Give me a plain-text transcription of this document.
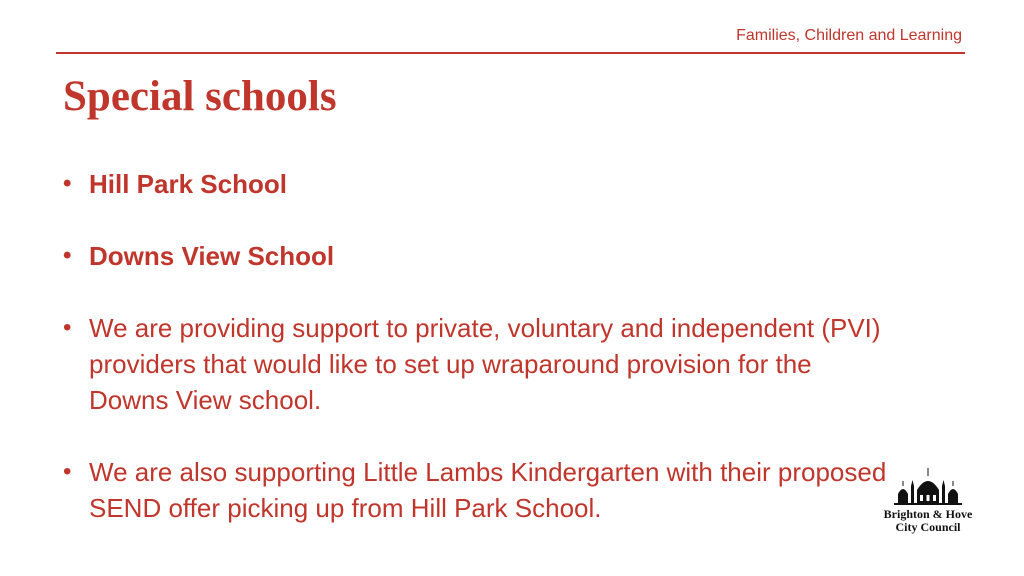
Families, Children and Learning
Special schools
• Hill Park School
• Downs View School
• We are providing support to private, voluntary and independent (PVI) providers that would like to set up wraparound provision for the Downs View school.
• We are also supporting Little Lambs Kindergarten with their proposed SEND offer picking up from Hill Park School.	Brighton & Hove
City Council
